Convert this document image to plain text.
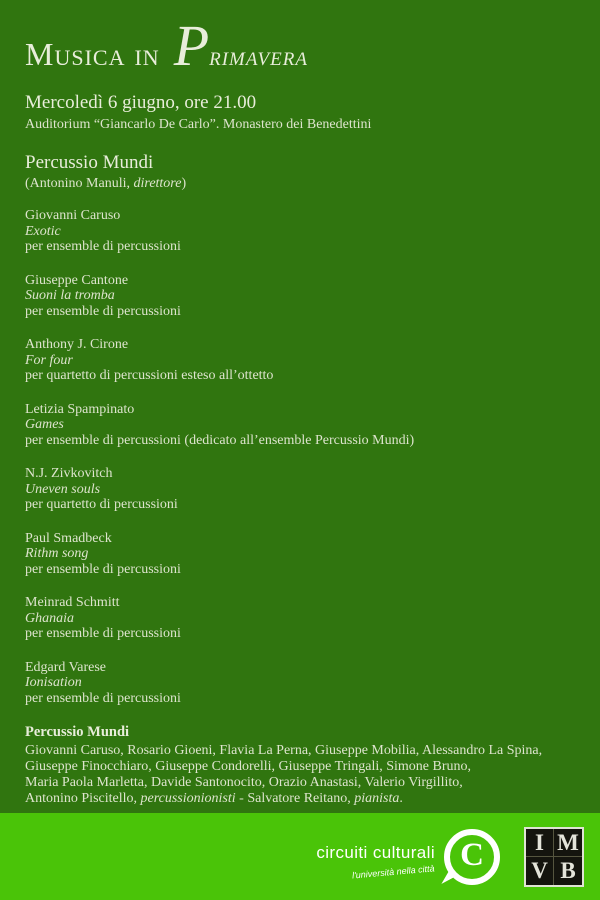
Musica in Primavera
Mercoledì 6 giugno, ore 21.00
Auditorium “Giancarlo De Carlo”. Monastero dei Benedettini
Percussio Mundi
(Antonino Manuli, direttore)
Giovanni Caruso
Exotic
per ensemble di percussioni
Giuseppe Cantone
Suoni la tromba
per ensemble di percussioni
Anthony J. Cirone
For four
per quartetto di percussioni esteso all’ottetto
Letizia Spampinato
Games
per ensemble di percussioni (dedicato all’ensemble Percussio Mundi)
N.J. Zivkovitch
Uneven souls
per quartetto di percussioni
Paul Smadbeck
Rithm song
per ensemble di percussioni
Meinrad Schmitt
Ghanaia
per ensemble di percussioni
Edgard Varese
Ionisation
per ensemble di percussioni
Percussio Mundi
Giovanni Caruso, Rosario Gioeni, Flavia La Perna, Giuseppe Mobilia, Alessandro La Spina,
Giuseppe Finocchiaro, Giuseppe Condorelli, Giuseppe Tringali, Simone Bruno,
Maria Paola Marletta, Davide Santonocito, Orazio Anastasi, Valerio Virgillito,
Antonino Piscitello, percussionionisti - Salvatore Reitano, pianista.
circuiti culturali
l'università nella città C	I M
V B
